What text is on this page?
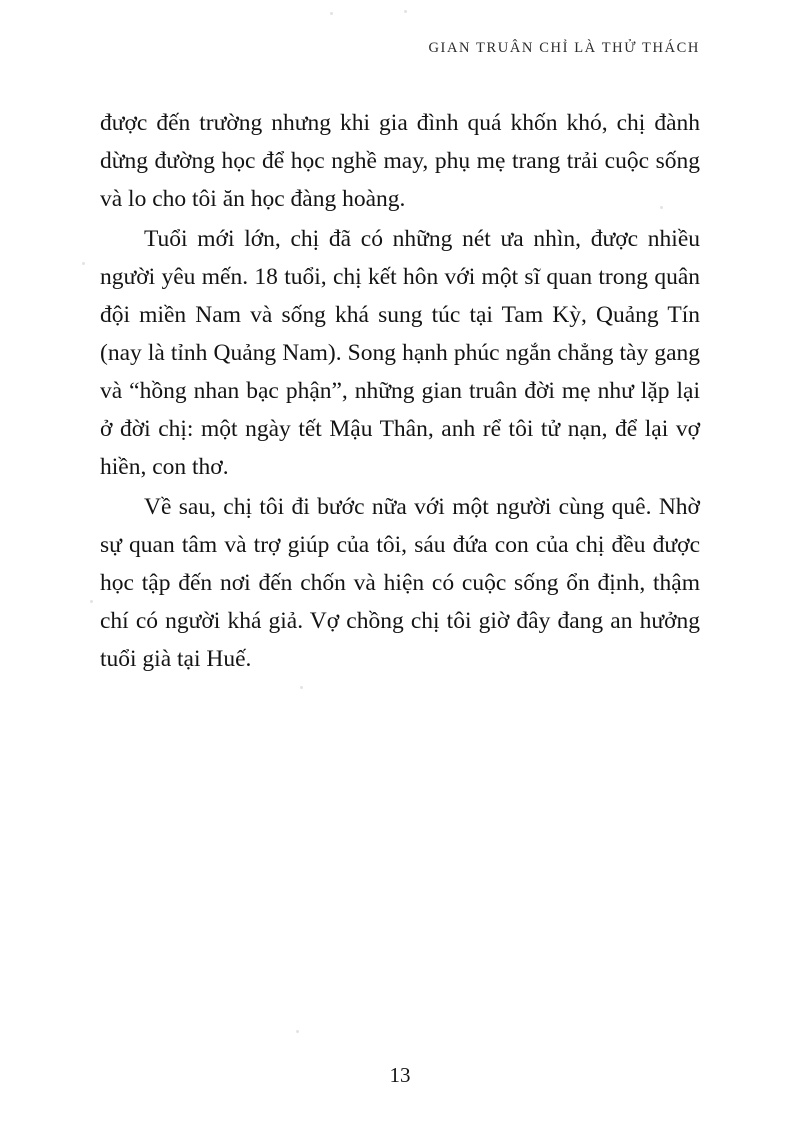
GIAN TRUÂN CHỈ LÀ THỬ THÁCH

được đến trường nhưng khi gia đình quá khốn khó, chị đành dừng đường học để học nghề may, phụ mẹ trang trải cuộc sống và lo cho tôi ăn học đàng hoàng.

Tuổi mới lớn, chị đã có những nét ưa nhìn, được nhiều người yêu mến. 18 tuổi, chị kết hôn với một sĩ quan trong quân đội miền Nam và sống khá sung túc tại Tam Kỳ, Quảng Tín (nay là tỉnh Quảng Nam). Song hạnh phúc ngắn chẳng tày gang và “hồng nhan bạc phận”, những gian truân đời mẹ như lặp lại ở đời chị: một ngày tết Mậu Thân, anh rể tôi tử nạn, để lại vợ hiền, con thơ.

Về sau, chị tôi đi bước nữa với một người cùng quê. Nhờ sự quan tâm và trợ giúp của tôi, sáu đứa con của chị đều được học tập đến nơi đến chốn và hiện có cuộc sống ổn định, thậm chí có người khá giả. Vợ chồng chị tôi giờ đây đang an hưởng tuổi già tại Huế.

13
